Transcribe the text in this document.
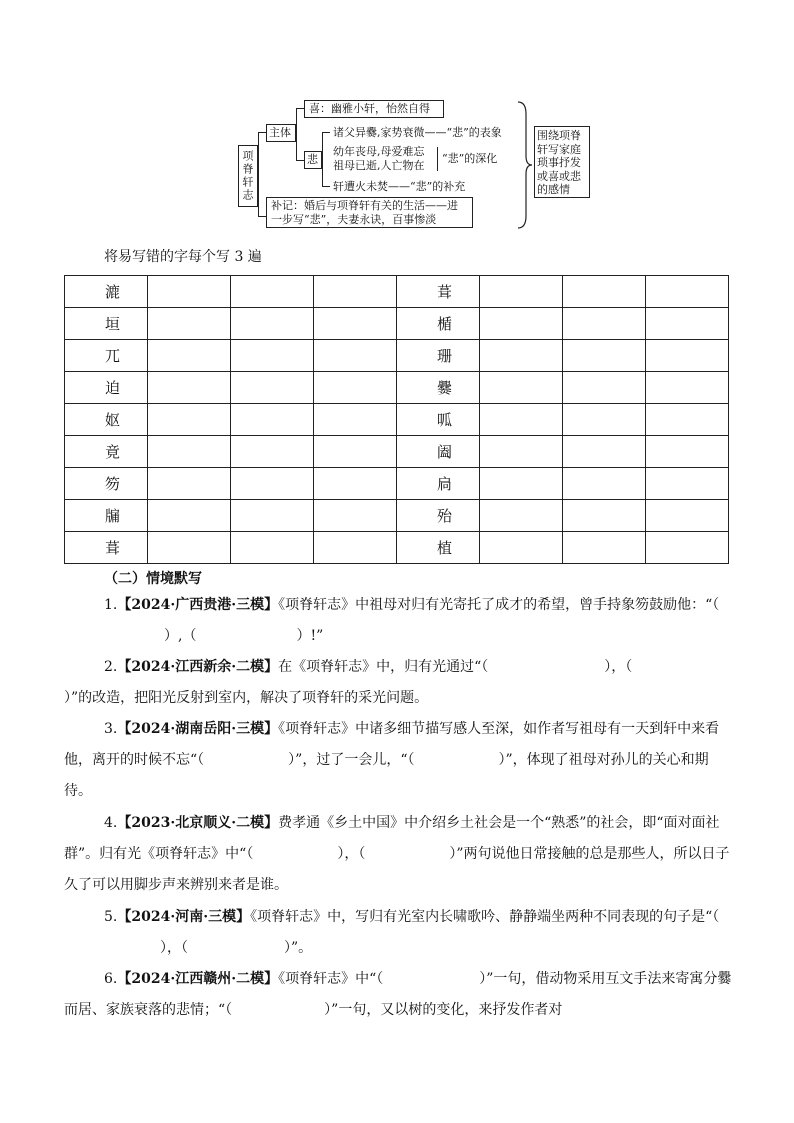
项脊轩志
主体
喜：幽雅小轩，怡然自得
悲
诸父异爨,家势衰微——“悲”的表象
幼年丧母,母爱难忘
祖母已逝,人亡物在
“悲”的深化
轩遭火未焚——“悲”的补充
补记：婚后与项脊轩有关的生活——进
一步写“悲”，夫妻永诀，百事惨淡
围绕项脊轩写家庭琐事抒发或喜或悲的感情
将易写错的字每个写 3 遍
漉				葺			
垣				楯			
兀				珊			
迫				爨			
妪				呱			
竟				阖			
笏				扃			
牖				殆			
葺				植			
（二）情境默写

1.【2024·广西贵港·三模】《项脊轩志》中祖母对归有光寄托了成才的希望，曾手持象笏鼓励他：“（）,（	）!”

2.【2024·江西新余·二模】在《项脊轩志》中，归有光通过“（	），（）”的改造，把阳光反射到室内，解决了项脊轩的采光问题。

3.【2024·湖南岳阳·三模】《项脊轩志》中诸多细节描写感人至深，如作者写祖母有一天到轩中来看他，离开的时候不忘“（	）”，过了一会儿，“（	）”，体现了祖母对孙儿的关心和期待。

4.【2023·北京顺义·二模】费孝通《乡土中国》中介绍乡土社会是一个“熟悉”的社会，即“面对面社群”。归有光《项脊轩志》中“（	），（	）”两句说他日常接触的总是那些人，所以日子久了可以用脚步声来辨别来者是谁。

5.【2024·河南·三模】《项脊轩志》中，写归有光室内长啸歌吟、静静端坐两种不同表现的句子是“（），（	）”。

6.【2024·江西赣州·二模】《项脊轩志》中“（	）”一句，借动物采用互文手法来寄寓分爨而居、家族衰落的悲情；“（	）”一句，又以树的变化，来抒发作者对
